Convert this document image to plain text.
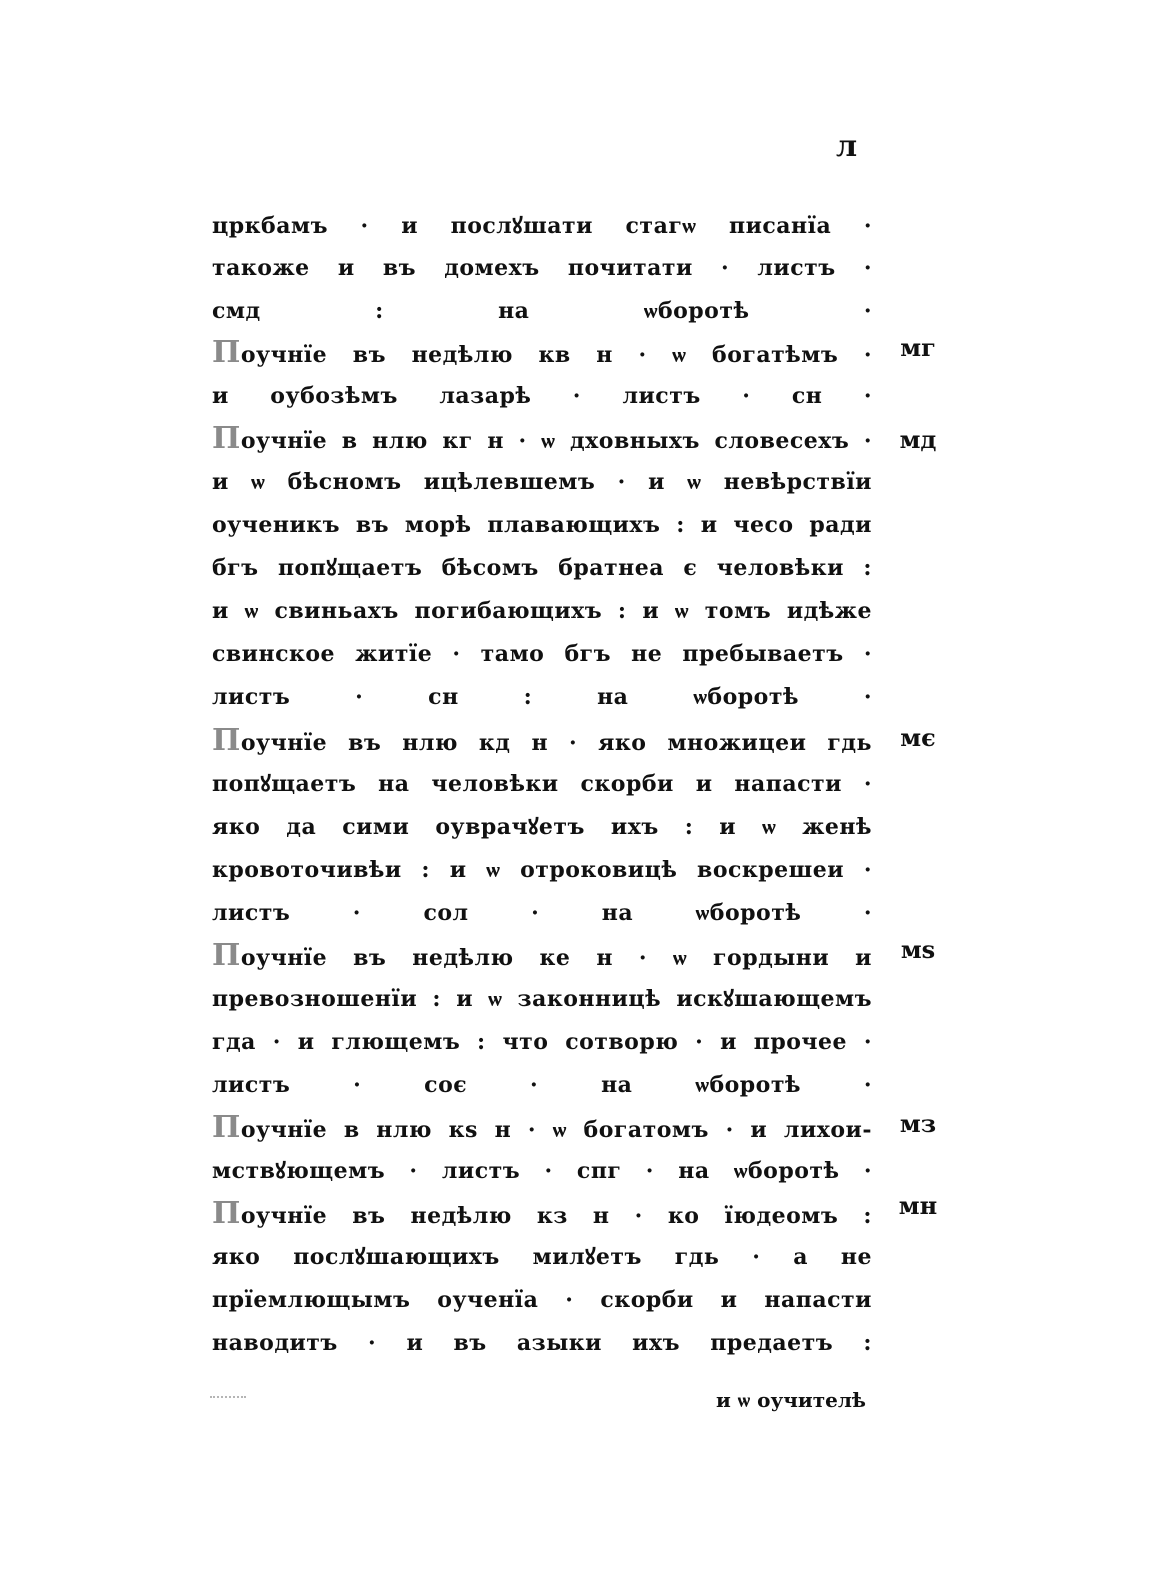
л
цркбамъ · и послꙋшати стагѡ писанїа ·
такоже и въ домехъ почитати · листъ ·
смд : на ѡборотѣ ·
Поучнїе въ недѣлю кв н · ѡ богатѣмъ ·
и оубозѣмъ лазарѣ · листъ · сн ·
Поучнїе в нлю кг н · ѡ дховныхъ словесехъ ·
и ѡ бѣсномъ ицѣлевшемъ · и ѡ невѣрствїи
оученикъ въ морѣ плавающихъ : и чесо ради
бгъ попꙋщаетъ бѣсомъ братнеа є человѣки :
и ѡ свиньахъ погибающихъ : и ѡ томъ идѣже
свинское житїе · тамо бгъ не пребываетъ ·
листъ · сн : на ѡборотѣ ·
Поучнїе въ нлю кд н · яко множицеи гдь
попꙋщаетъ на человѣки скорби и напасти ·
яко да сими оуврачꙋетъ ихъ : и ѡ женѣ
кровоточивѣи : и ѡ отроковицѣ воскрешеи ·
листъ · сол · на ѡборотѣ ·
Поучнїе въ недѣлю ке н · ѡ гордыни и
превозношенїи : и ѡ законницѣ искꙋшающемъ
гда · и глющемъ : что сотворю · и прочее ·
листъ · соє · на ѡборотѣ ·
Поучнїе в нлю кѕ н · ѡ богатомъ · и лихои-
мствꙋющемъ · листъ · спг · на ѡборотѣ ·
Поучнїе въ недѣлю кз н · ко їюдеомъ :
яко послꙋшающихъ милꙋетъ гдь · а не
прїемлющымъ оученїа · скорби и напасти
наводитъ · и въ азыки ихъ предаетъ :
мг
мд
мє
мѕ
мз
мн
и ѡ оучителѣ
